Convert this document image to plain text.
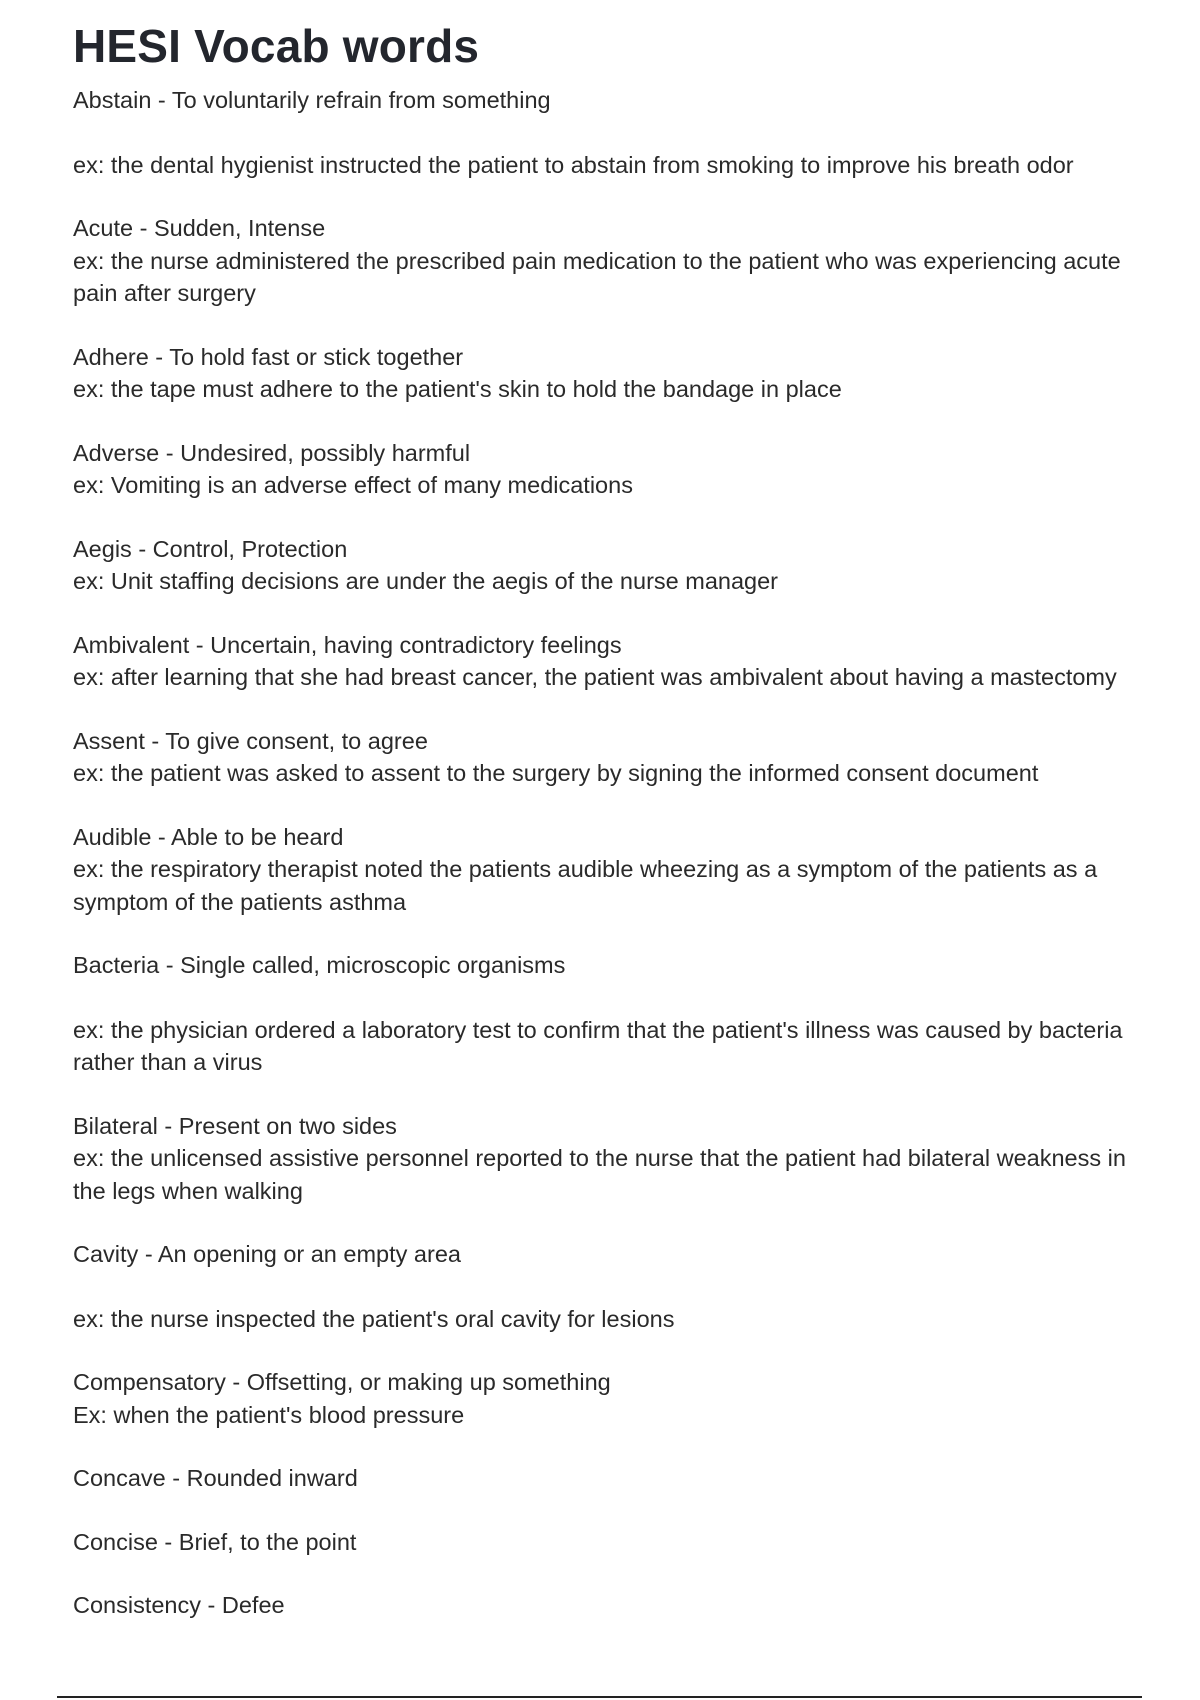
HESI Vocab words

Abstain - To voluntarily refrain from something

ex: the dental hygienist instructed the patient to abstain from smoking to improve his breath odor

Acute - Sudden, Intense

ex: the nurse administered the prescribed pain medication to the patient who was experiencing acute pain after surgery

Adhere - To hold fast or stick together

ex: the tape must adhere to the patient's skin to hold the bandage in place

Adverse - Undesired, possibly harmful

ex: Vomiting is an adverse effect of many medications

Aegis - Control, Protection

ex: Unit staffing decisions are under the aegis of the nurse manager

Ambivalent - Uncertain, having contradictory feelings

ex: after learning that she had breast cancer, the patient was ambivalent about having a mastectomy

Assent - To give consent, to agree

ex: the patient was asked to assent to the surgery by signing the informed consent document

Audible - Able to be heard

ex: the respiratory therapist noted the patients audible wheezing as a symptom of the patients as a symptom of the patients asthma

Bacteria - Single called, microscopic organisms

ex: the physician ordered a laboratory test to confirm that the patient's illness was caused by bacteria rather than a virus

Bilateral - Present on two sides

ex: the unlicensed assistive personnel reported to the nurse that the patient had bilateral weakness in the legs when walking

Cavity - An opening or an empty area

ex: the nurse inspected the patient's oral cavity for lesions

Compensatory - Offsetting, or making up something

Ex: when the patient's blood pressure

Concave - Rounded inward

Concise - Brief, to the point

Consistency - Defee
